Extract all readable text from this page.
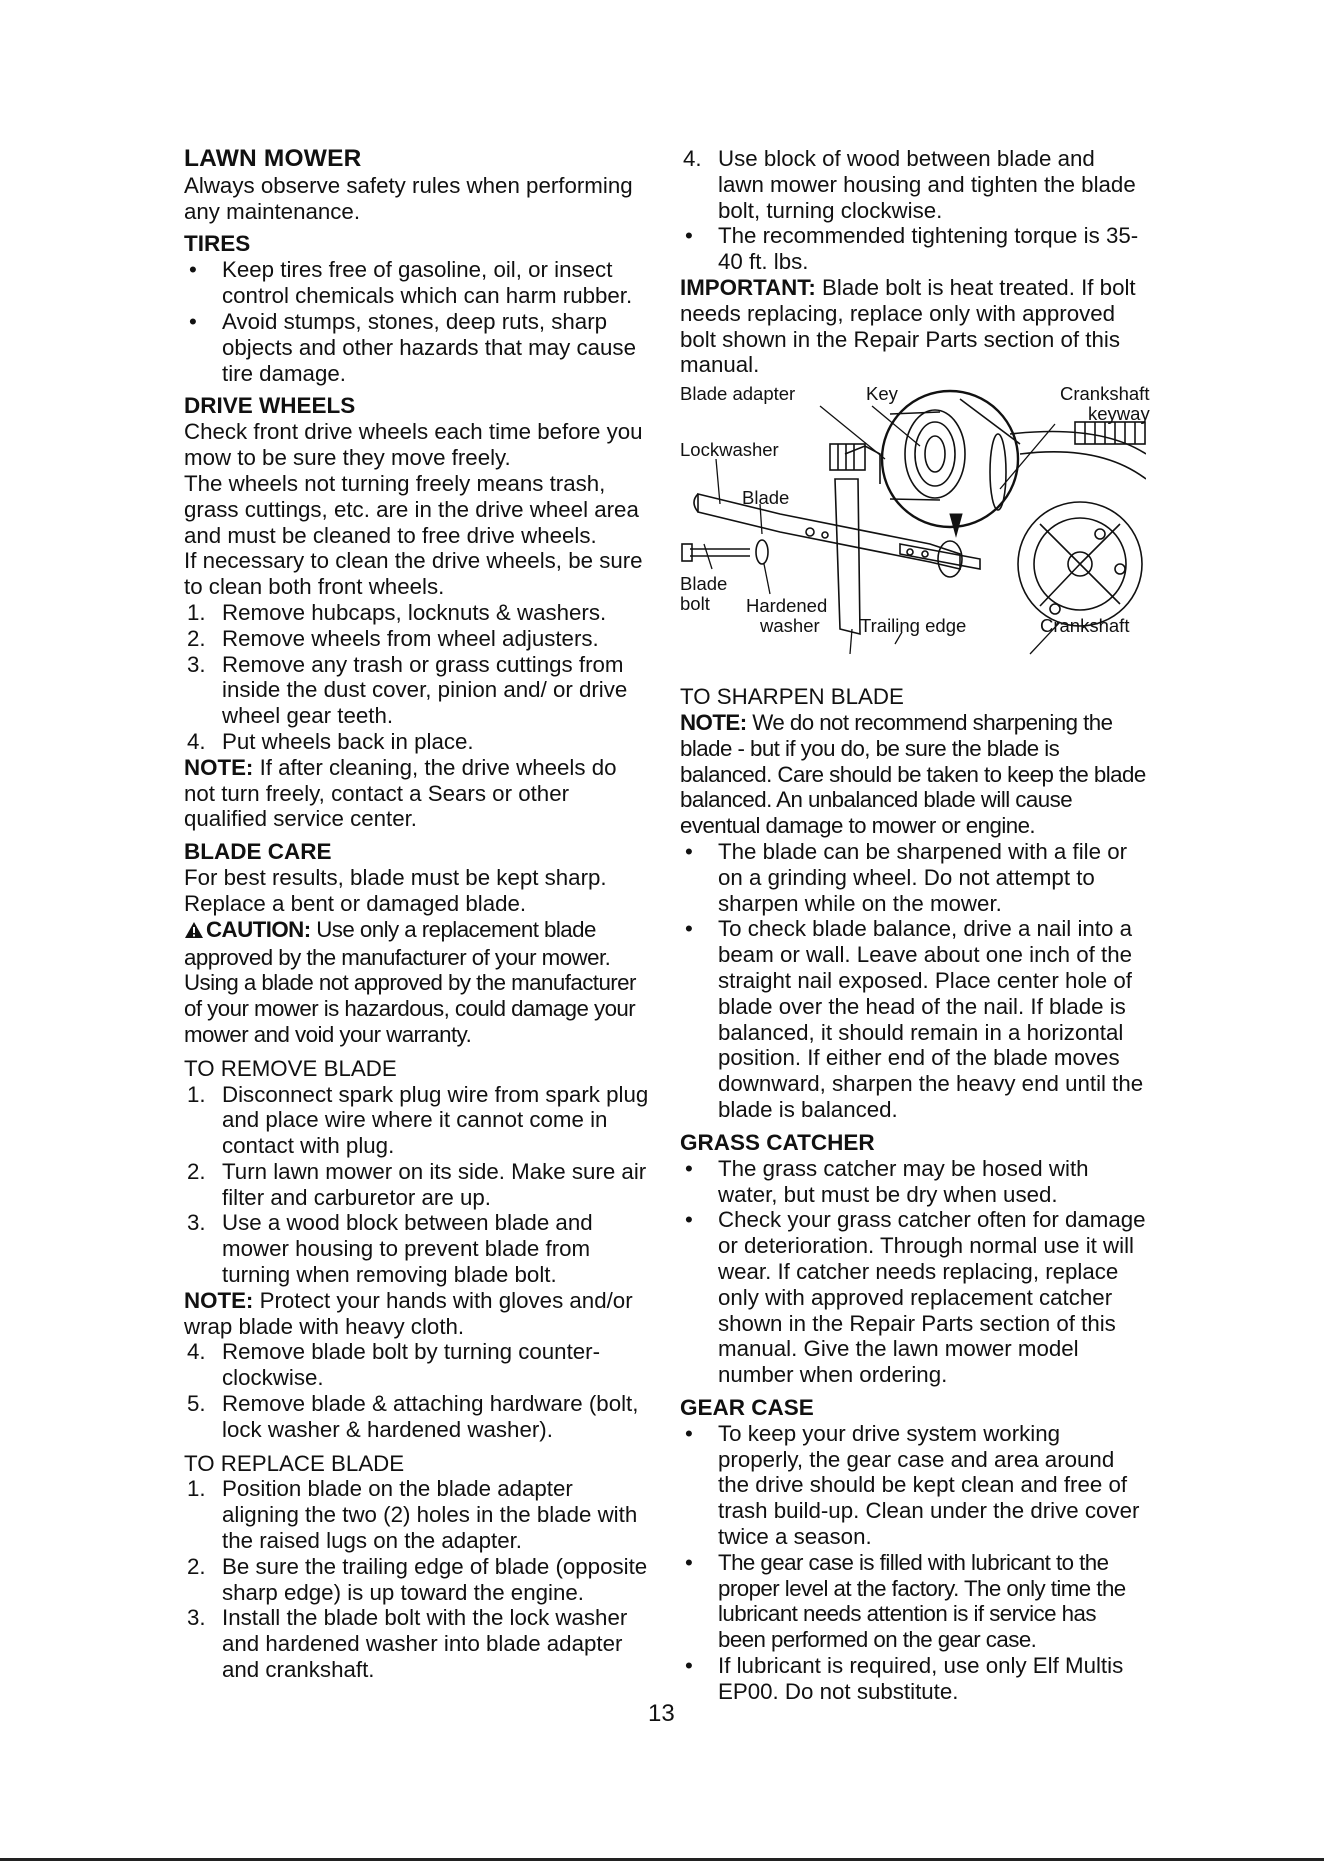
LAWN MOWER

Always observe safety rules when performing any maintenance.

TIRES
• Keep tires free of gasoline, oil, or insect control chemicals which can harm rubber.
• Avoid stumps, stones, deep ruts, sharp objects and other hazards that may cause tire damage.
DRIVE WHEELS

Check front drive wheels each time before you mow to be sure they move freely.

The wheels not turning freely means trash, grass cuttings, etc. are in the drive wheel area and must be cleaned to free drive wheels.

If necessary to clean the drive wheels, be sure to clean both front wheels.

1. Remove hubcaps, locknuts & washers.
2. Remove wheels from wheel adjusters.
3. Remove any trash or grass cuttings from inside the dust cover, pinion and/ or drive wheel gear teeth.
4. Put wheels back in place.

NOTE: If after cleaning, the drive wheels do not turn freely, contact a Sears or other qualified service center.

BLADE CARE

For best results, blade must be kept sharp. Replace a bent or damaged blade.

CAUTION: Use only a replacement blade approved by the manufacturer of your mower. Using a blade not approved by the manufacturer of your mower is hazardous, could damage your mower and void your warranty.

TO REMOVE BLADE

1. Disconnect spark plug wire from spark plug and place wire where it cannot come in contact with plug.
2. Turn lawn mower on its side. Make sure air filter and carburetor are up.
3. Use a wood block between blade and mower housing to prevent blade from turning when removing blade bolt.

NOTE: Protect your hands with gloves and/or wrap blade with heavy cloth.

4. Remove blade bolt by turning counter-clockwise.
5. Remove blade & attaching hardware (bolt, lock washer & hardened washer).

TO REPLACE BLADE

1. Position blade on the blade adapter aligning the two (2) holes in the blade with the raised lugs on the adapter.
2. Be sure the trailing edge of blade (opposite sharp edge) is up toward the engine.
3. Install the blade bolt with the lock washer and hardened washer into blade adapter and crankshaft.
4. Use block of wood between blade and lawn mower housing and tighten the blade bolt, turning clockwise.
• The recommended tightening torque is 35-40 ft. lbs.

IMPORTANT: Blade bolt is heat treated. If bolt needs replacing, replace only with approved bolt shown in the Repair Parts section of this manual.

Blade adapter	Key	Crankshaft
keyway
Lockwasher
Blade
Blade
bolt Hardened
washer Trailing edge	Crankshaft

TO SHARPEN BLADE

NOTE: We do not recommend sharpening the blade - but if you do, be sure the blade is balanced. Care should be taken to keep the blade balanced. An unbalanced blade will cause eventual damage to mower or engine.

• The blade can be sharpened with a file or on a grinding wheel. Do not attempt to sharpen while on the mower.
• To check blade balance, drive a nail into a beam or wall. Leave about one inch of the straight nail exposed. Place center hole of blade over the head of the nail. If blade is balanced, it should remain in a horizontal position. If either end of the blade moves downward, sharpen the heavy end until the blade is balanced.
GRASS CATCHER
• The grass catcher may be hosed with water, but must be dry when used.
• Check your grass catcher often for damage or deterioration. Through normal use it will wear. If catcher needs replacing, replace only with approved replacement catcher shown in the Repair Parts section of this manual. Give the lawn mower model number when ordering.
GEAR CASE
• To keep your drive system working properly, the gear case and area around the drive should be kept clean and free of trash build-up. Clean under the drive cover twice a season.
• The gear case is filled with lubricant to the proper level at the factory. The only time the lubricant needs attention is if service has been performed on the gear case.
• If lubricant is required, use only Elf Multis EP00. Do not substitute.
13
